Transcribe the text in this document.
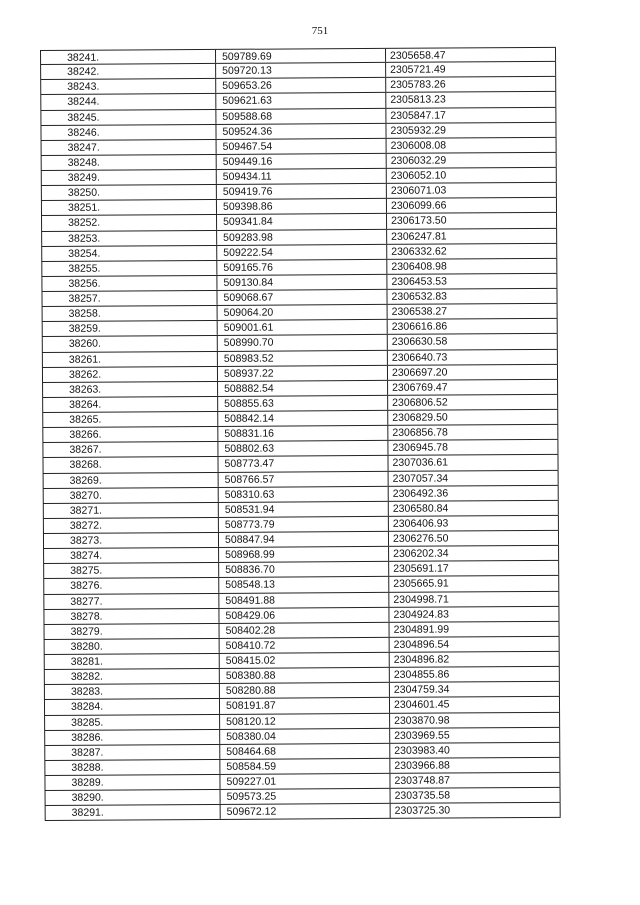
751
38241.	509789.69	2305658.47
38242.	509720.13	2305721.49
38243.	509653.26	2305783.26
38244.	509621.63	2305813.23
38245.	509588.68	2305847.17
38246.	509524.36	2305932.29
38247.	509467.54	2306008.08
38248.	509449.16	2306032.29
38249.	509434.11	2306052.10
38250.	509419.76	2306071.03
38251.	509398.86	2306099.66
38252.	509341.84	2306173.50
38253.	509283.98	2306247.81
38254.	509222.54	2306332.62
38255.	509165.76	2306408.98
38256.	509130.84	2306453.53
38257.	509068.67	2306532.83
38258.	509064.20	2306538.27
38259.	509001.61	2306616.86
38260.	508990.70	2306630.58
38261.	508983.52	2306640.73
38262.	508937.22	2306697.20
38263.	508882.54	2306769.47
38264.	508855.63	2306806.52
38265.	508842.14	2306829.50
38266.	508831.16	2306856.78
38267.	508802.63	2306945.78
38268.	508773.47	2307036.61
38269.	508766.57	2307057.34
38270.	508310.63	2306492.36
38271.	508531.94	2306580.84
38272.	508773.79	2306406.93
38273.	508847.94	2306276.50
38274.	508968.99	2306202.34
38275.	508836.70	2305691.17
38276.	508548.13	2305665.91
38277.	508491.88	2304998.71
38278.	508429.06	2304924.83
38279.	508402.28	2304891.99
38280.	508410.72	2304896.54
38281.	508415.02	2304896.82
38282.	508380.88	2304855.86
38283.	508280.88	2304759.34
38284.	508191.87	2304601.45
38285.	508120.12	2303870.98
38286.	508380.04	2303969.55
38287.	508464.68	2303983.40
38288.	508584.59	2303966.88
38289.	509227.01	2303748.87
38290.	509573.25	2303735.58
38291.	509672.12	2303725.30
